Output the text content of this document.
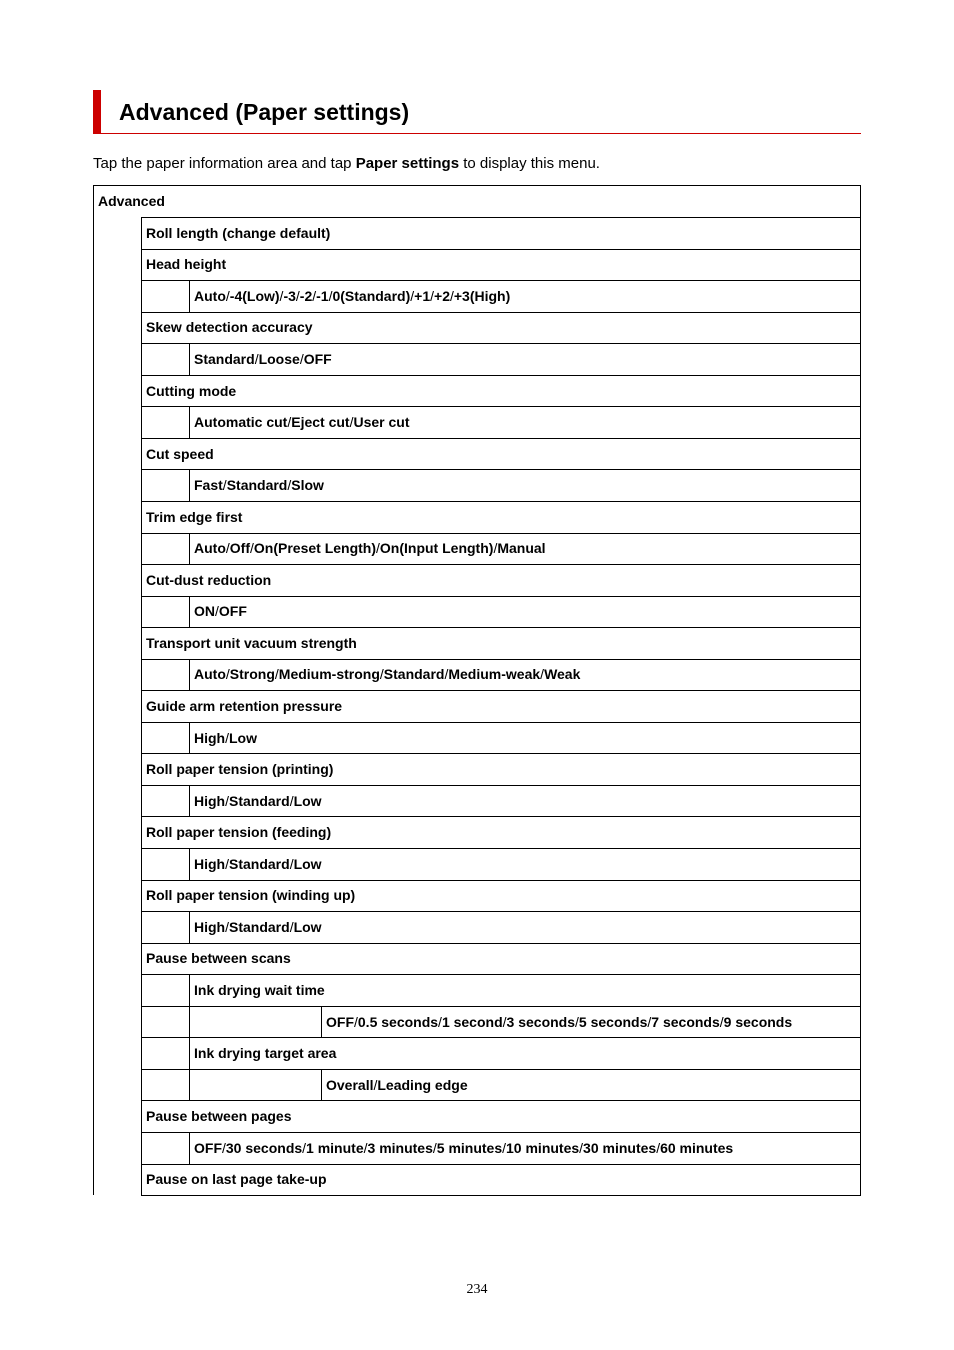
Advanced (Paper settings)

Tap the paper information area and tap Paper settings to display this menu.

Advanced
Roll length (change default)
Head height
Auto / -4(Low) / -3 / -2 / -1 / 0(Standard) / +1 / +2 / +3(High)
Skew detection accuracy
Standard / Loose / OFF
Cutting mode
Automatic cut / Eject cut / User cut
Cut speed
Fast / Standard / Slow
Trim edge first
Auto / Off / On(Preset Length) / On(Input Length) / Manual
Cut-dust reduction
ON / OFF
Transport unit vacuum strength
Auto / Strong / Medium-strong / Standard / Medium-weak / Weak
Guide arm retention pressure
High / Low
Roll paper tension (printing)
High / Standard / Low
Roll paper tension (feeding)
High / Standard / Low
Roll paper tension (winding up)
High / Standard / Low
Pause between scans
Ink drying wait time
OFF / 0.5 seconds / 1 second / 3 seconds / 5 seconds / 7 seconds / 9 seconds
Ink drying target area
Overall / Leading edge
Pause between pages
OFF / 30 seconds / 1 minute / 3 minutes / 5 minutes / 10 minutes / 30 minutes / 60 minutes
Pause on last page take-up
234
